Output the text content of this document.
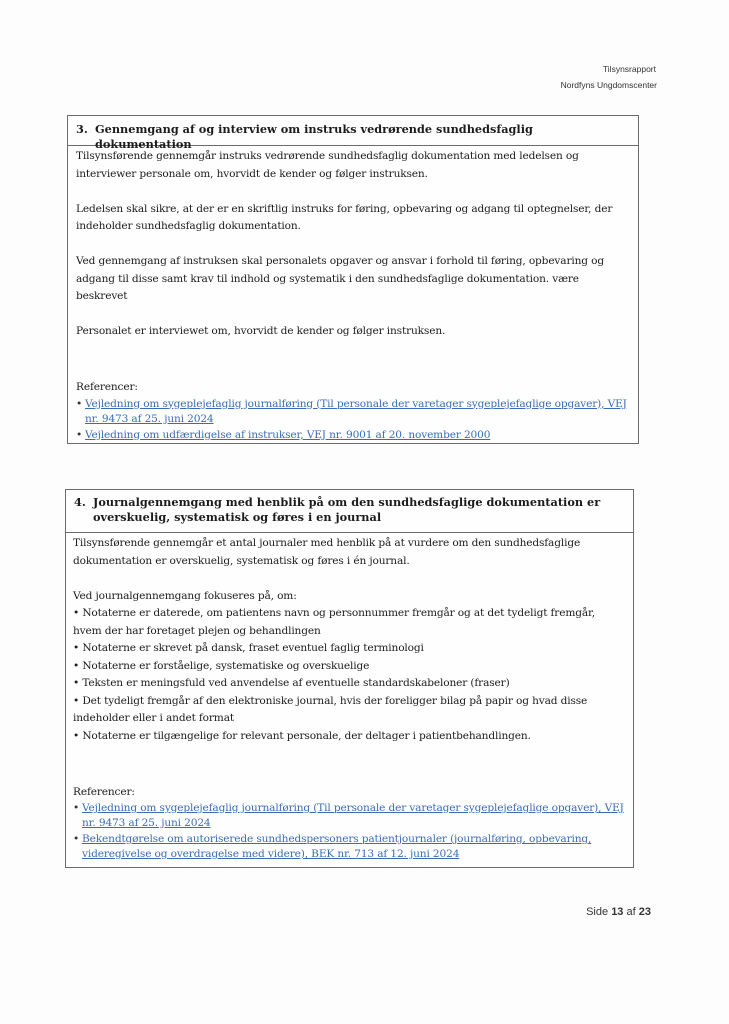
Tilsynsrapport
Nordfyns Ungdomscenter
3. Gennemgang af og interview om instruks vedrørende sundhedsfaglig dokumentation

Tilsynsførende gennemgår instruks vedrørende sundhedsfaglig dokumentation med ledelsen og interviewer personale om, hvorvidt de kender og følger instruksen.

Ledelsen skal sikre, at der er en skriftlig instruks for føring, opbevaring og adgang til optegnelser, der indeholder sundhedsfaglig dokumentation.

Ved gennemgang af instruksen skal personalets opgaver og ansvar i forhold til føring, opbevaring og adgang til disse samt krav til indhold og systematik i den sundhedsfaglige dokumentation. være beskrevet

Personalet er interviewet om, hvorvidt de kender og følger instruksen.

Referencer:

• Vejledning om sygeplejefaglig journalføring (Til personale der varetager sygeplejefaglige opgaver), VEJ nr. 9473 af 25. juni 2024
• Vejledning om udfærdigelse af instrukser, VEJ nr. 9001 af 20. november 2000
4. Journalgennemgang med henblik på om den sundhedsfaglige dokumentation er overskuelig, systematisk og føres i en journal

Tilsynsførende gennemgår et antal journaler med henblik på at vurdere om den sundhedsfaglige dokumentation er overskuelig, systematisk og føres i én journal.

Ved journalgennemgang fokuseres på, om:

• Notaterne er daterede, om patientens navn og personnummer fremgår og at det tydeligt fremgår, hvem der har foretaget plejen og behandlingen

• Notaterne er skrevet på dansk, fraset eventuel faglig terminologi

• Notaterne er forståelige, systematiske og overskuelige

• Teksten er meningsfuld ved anvendelse af eventuelle standardskabeloner (fraser)

• Det tydeligt fremgår af den elektroniske journal, hvis der foreligger bilag på papir og hvad disse indeholder eller i andet format

• Notaterne er tilgængelige for relevant personale, der deltager i patientbehandlingen.

Referencer:

• Vejledning om sygeplejefaglig journalføring (Til personale der varetager sygeplejefaglige opgaver), VEJ nr. 9473 af 25. juni 2024
• Bekendtgørelse om autoriserede sundhedspersoners patientjournaler (journalføring, opbevaring, videregivelse og overdragelse med videre), BEK nr. 713 af 12. juni 2024
Side 13 af 23
